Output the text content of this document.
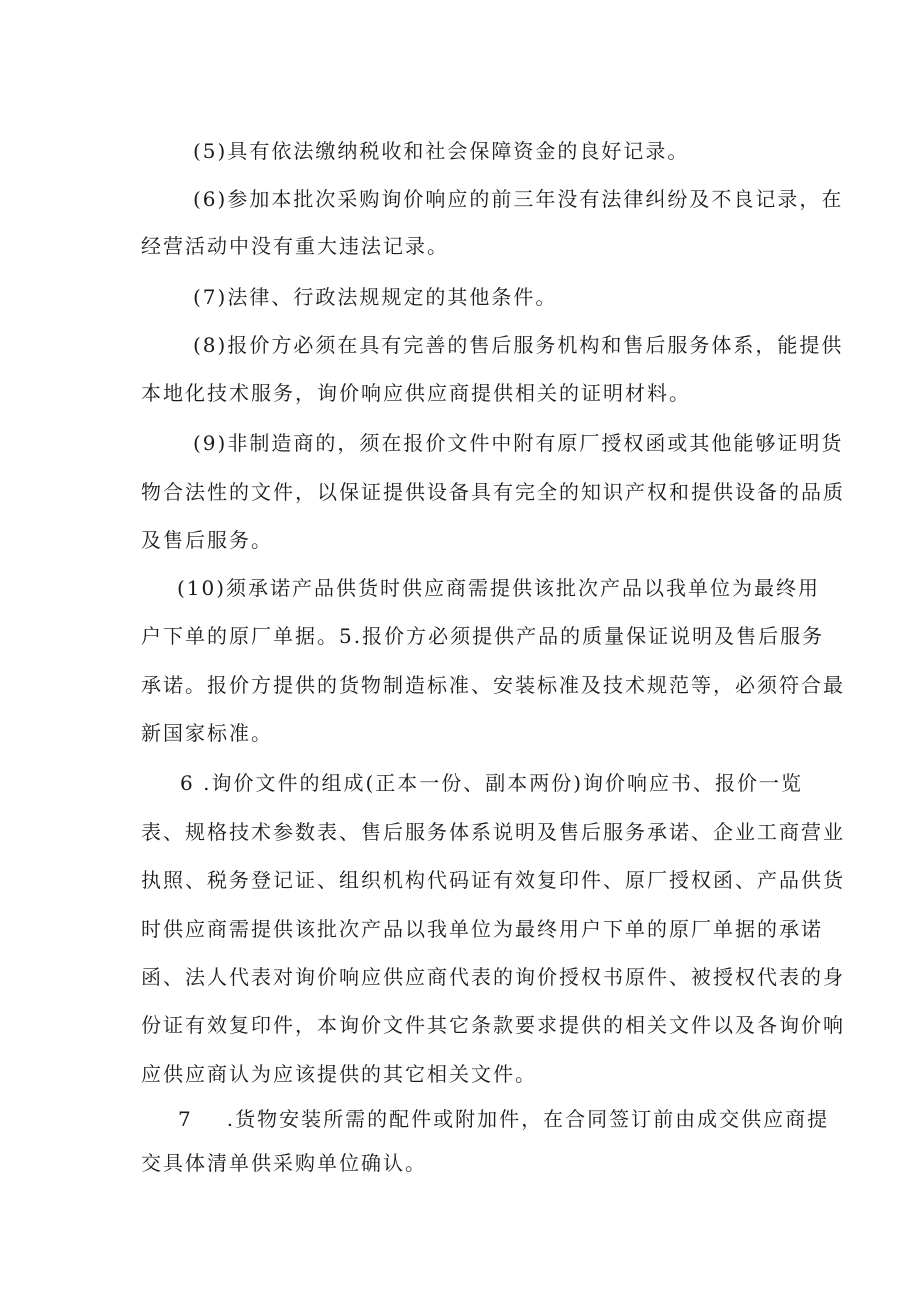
(5)具有依法缴纳税收和社会保障资金的良好记录。
(6)参加本批次采购询价响应的前三年没有法律纠纷及不良记录，在
经营活动中没有重大违法记录。
(7)法律、行政法规规定的其他条件。
(8)报价方必须在具有完善的售后服务机构和售后服务体系，能提供
本地化技术服务，询价响应供应商提供相关的证明材料。
(9)非制造商的，须在报价文件中附有原厂授权函或其他能够证明货
物合法性的文件，以保证提供设备具有完全的知识产权和提供设备的品质
及售后服务。
(10)须承诺产品供货时供应商需提供该批次产品以我单位为最终用
户下单的原厂单据。5.报价方必须提供产品的质量保证说明及售后服务
承诺。报价方提供的货物制造标准、安装标准及技术规范等，必须符合最
新国家标准。
6 .询价文件的组成(正本一份、副本两份)询价响应书、报价一览
表、规格技术参数表、售后服务体系说明及售后服务承诺、企业工商营业
执照、税务登记证、组织机构代码证有效复印件、原厂授权函、产品供货
时供应商需提供该批次产品以我单位为最终用户下单的原厂单据的承诺
函、法人代表对询价响应供应商代表的询价授权书原件、被授权代表的身
份证有效复印件，本询价文件其它条款要求提供的相关文件以及各询价响
应供应商认为应该提供的其它相关文件。
7 .货物安装所需的配件或附加件，在合同签订前由成交供应商提
交具体清单供采购单位确认。
